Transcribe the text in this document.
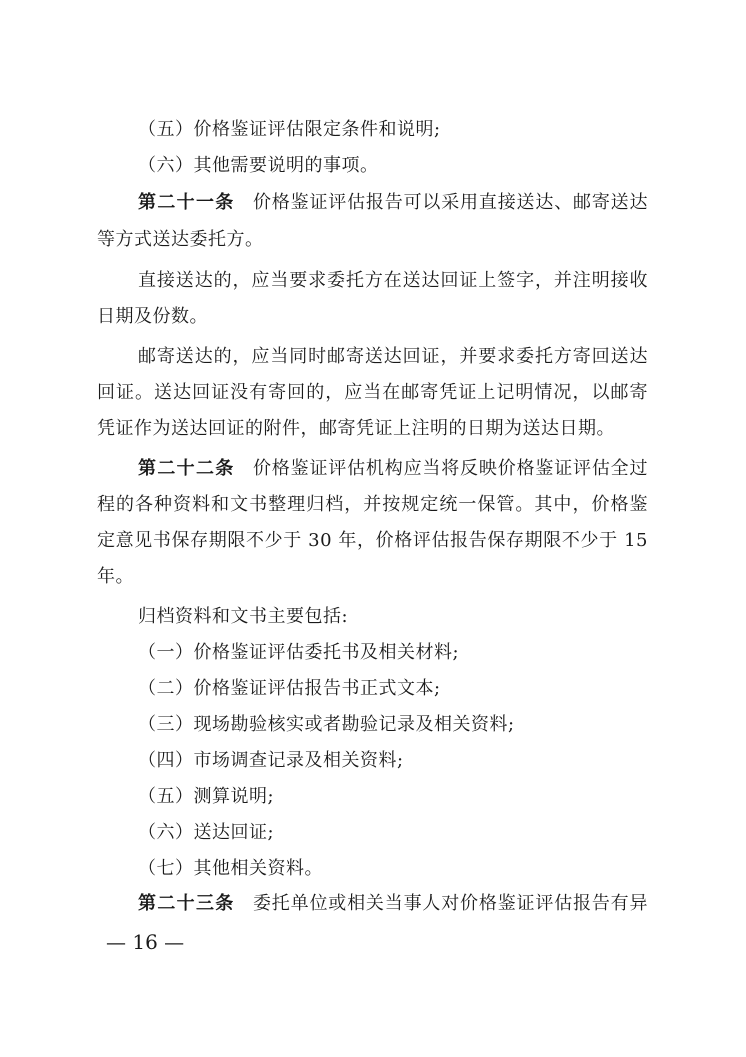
（五）价格鉴证评估限定条件和说明;
（六）其他需要说明的事项。
第二十一条 价格鉴证评估报告可以采用直接送达、邮寄送达
等方式送达委托方。
直接送达的，应当要求委托方在送达回证上签字，并注明接收
日期及份数。
邮寄送达的，应当同时邮寄送达回证，并要求委托方寄回送达
回证。送达回证没有寄回的，应当在邮寄凭证上记明情况，以邮寄
凭证作为送达回证的附件，邮寄凭证上注明的日期为送达日期。
第二十二条 价格鉴证评估机构应当将反映价格鉴证评估全过
程的各种资料和文书整理归档，并按规定统一保管。其中，价格鉴
定意见书保存期限不少于 30 年，价格评估报告保存期限不少于 15
年。
归档资料和文书主要包括:
（一）价格鉴证评估委托书及相关材料;
（二）价格鉴证评估报告书正式文本;
（三）现场勘验核实或者勘验记录及相关资料;
（四）市场调查记录及相关资料;
（五）测算说明;
（六）送达回证;
（七）其他相关资料。
第二十三条 委托单位或相关当事人对价格鉴证评估报告有异
— 16 —
